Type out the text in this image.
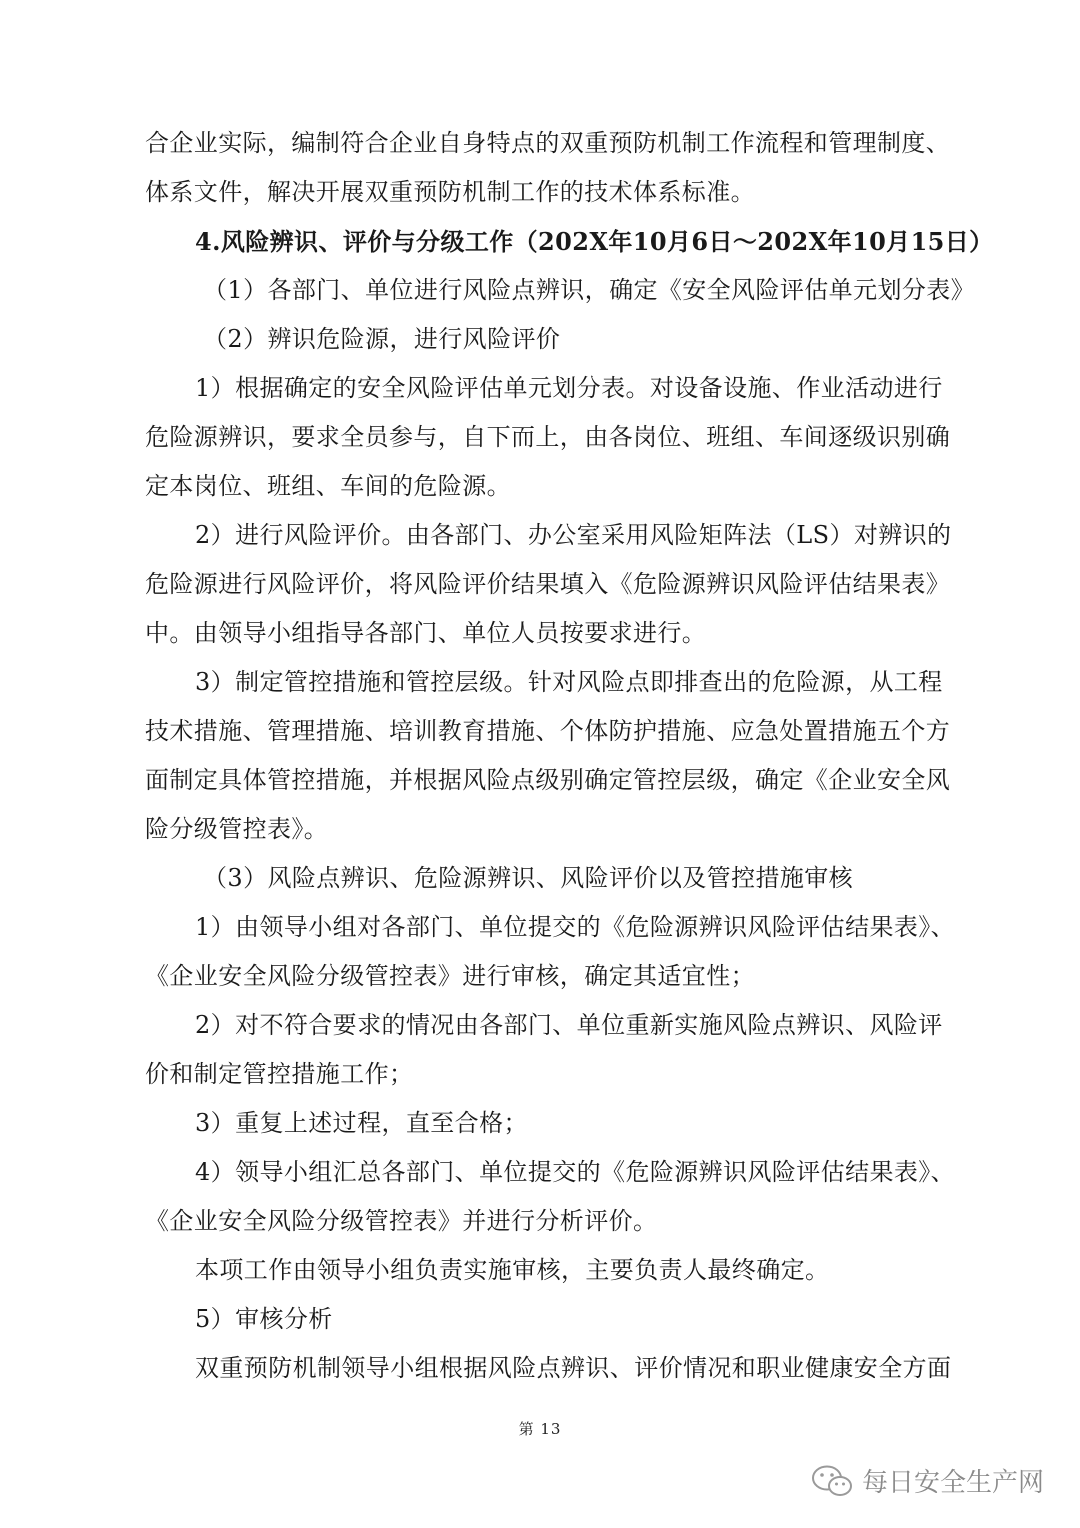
合企业实际，编制符合企业自身特点的双重预防机制工作流程和管理制度、
体系文件，解决开展双重预防机制工作的技术体系标准。
4.风险辨识、评价与分级工作（202X年10月6日～202X年10月15日）
（1）各部门、单位进行风险点辨识，确定《安全风险评估单元划分表》
（2）辨识危险源，进行风险评价
1）根据确定的安全风险评估单元划分表。对设备设施、作业活动进行
危险源辨识，要求全员参与，自下而上，由各岗位、班组、车间逐级识别确
定本岗位、班组、车间的危险源。
2）进行风险评价。由各部门、办公室采用风险矩阵法（LS）对辨识的
危险源进行风险评价，将风险评价结果填入《危险源辨识风险评估结果表》
中。由领导小组指导各部门、单位人员按要求进行。
3）制定管控措施和管控层级。针对风险点即排查出的危险源，从工程
技术措施、管理措施、培训教育措施、个体防护措施、应急处置措施五个方
面制定具体管控措施，并根据风险点级别确定管控层级，确定《企业安全风
险分级管控表》。
（3）风险点辨识、危险源辨识、风险评价以及管控措施审核
1）由领导小组对各部门、单位提交的《危险源辨识风险评估结果表》、
《企业安全风险分级管控表》进行审核，确定其适宜性；
2）对不符合要求的情况由各部门、单位重新实施风险点辨识、风险评
价和制定管控措施工作；
3）重复上述过程，直至合格；
4）领导小组汇总各部门、单位提交的《危险源辨识风险评估结果表》、
《企业安全风险分级管控表》并进行分析评价。
本项工作由领导小组负责实施审核，主要负责人最终确定。
5）审核分析
双重预防机制领导小组根据风险点辨识、评价情况和职业健康安全方面
第 13
每日安全生产网
